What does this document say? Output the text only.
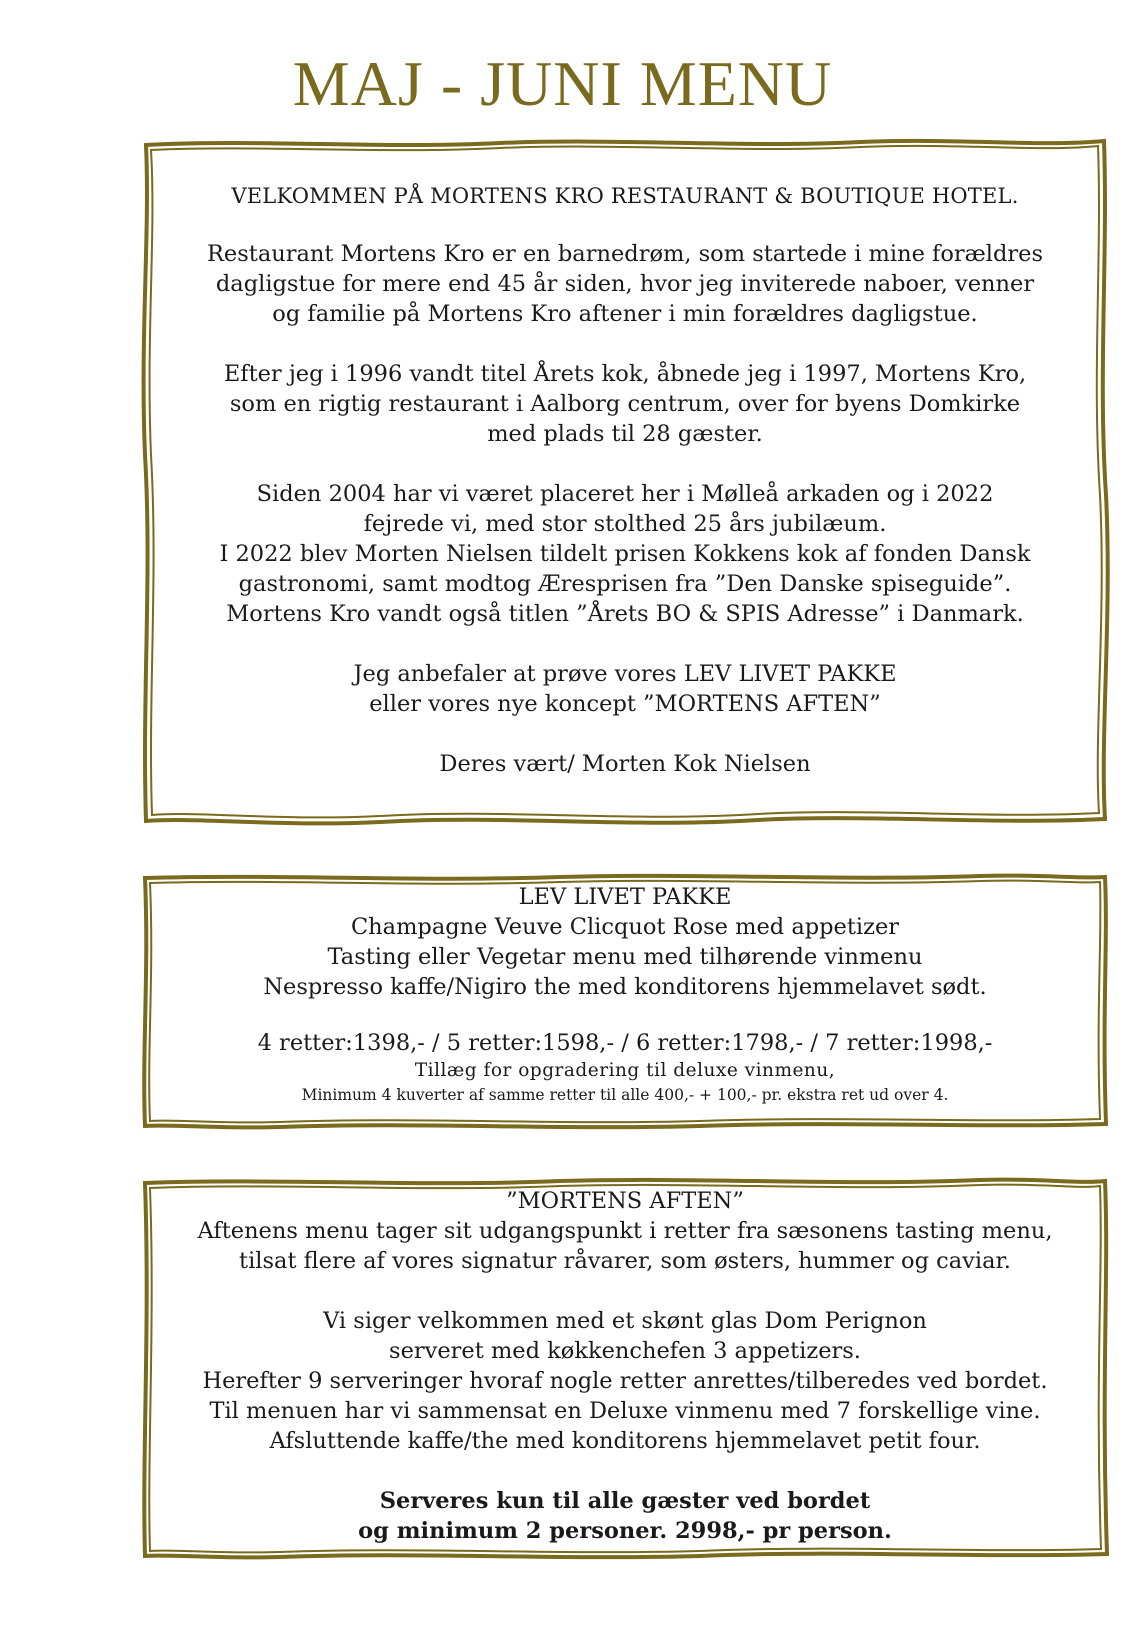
MAJ - JUNI MENU
VELKOMMEN PÅ MORTENS KRO RESTAURANT & BOUTIQUE HOTEL.
Restaurant Mortens Kro er en barnedrøm, som startede i mine forældres
dagligstue for mere end 45 år siden, hvor jeg inviterede naboer, venner
og familie på Mortens Kro aftener i min forældres dagligstue.
Efter jeg i 1996 vandt titel Årets kok, åbnede jeg i 1997, Mortens Kro,
som en rigtig restaurant i Aalborg centrum, over for byens Domkirke
med plads til 28 gæster.
Siden 2004 har vi været placeret her i Mølleå arkaden og i 2022
fejrede vi, med stor stolthed 25 års jubilæum.
I 2022 blev Morten Nielsen tildelt prisen Kokkens kok af fonden Dansk
gastronomi, samt modtog Æresprisen fra ”Den Danske spiseguide”.
Mortens Kro vandt også titlen ”Årets BO & SPIS Adresse” i Danmark.
Jeg anbefaler at prøve vores LEV LIVET PAKKE
eller vores nye koncept ”MORTENS AFTEN”
Deres vært/ Morten Kok Nielsen
LEV LIVET PAKKE
Champagne Veuve Clicquot Rose med appetizer
Tasting eller Vegetar menu med tilhørende vinmenu
Nespresso kaffe/Nigiro the med konditorens hjemmelavet sødt.
4 retter:1398,- / 5 retter:1598,- / 6 retter:1798,- / 7 retter:1998,-
Tillæg for opgradering til deluxe vinmenu,
Minimum 4 kuverter af samme retter til alle 400,- + 100,- pr. ekstra ret ud over 4.
”MORTENS AFTEN”
Aftenens menu tager sit udgangspunkt i retter fra sæsonens tasting menu,
tilsat flere af vores signatur råvarer, som østers, hummer og caviar.
Vi siger velkommen med et skønt glas Dom Perignon
serveret med køkkenchefen 3 appetizers.
Herefter 9 serveringer hvoraf nogle retter anrettes/tilberedes ved bordet.
Til menuen har vi sammensat en Deluxe vinmenu med 7 forskellige vine.
Afsluttende kaffe/the med konditorens hjemmelavet petit four.
Serveres kun til alle gæster ved bordet
og minimum 2 personer. 2998,- pr person.
